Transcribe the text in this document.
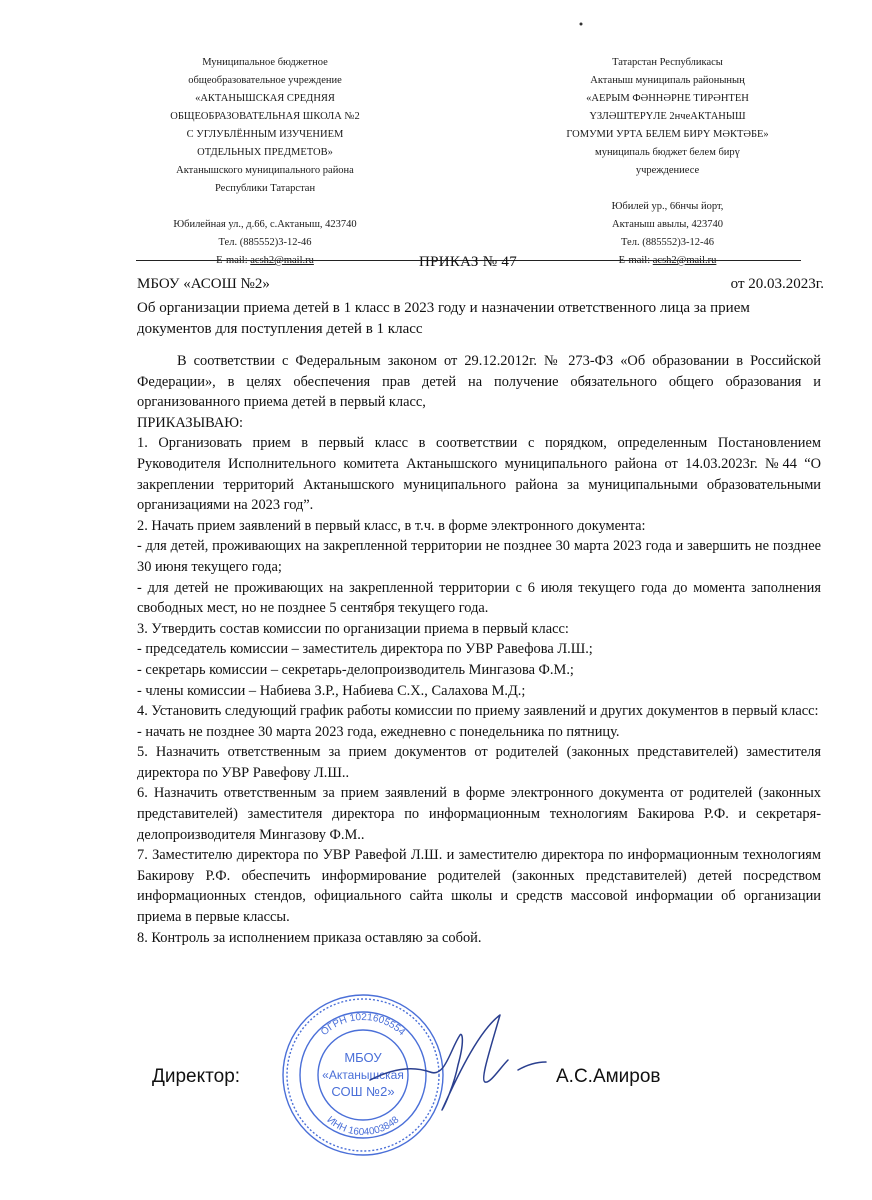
Муниципальное бюджетное
общеобразовательное учреждение
«АКТАНЫШСКАЯ СРЕДНЯЯ
ОБЩЕОБРАЗОВАТЕЛЬНАЯ ШКОЛА №2
С УГЛУБЛЁННЫМ ИЗУЧЕНИЕМ
ОТДЕЛЬНЫХ ПРЕДМЕТОВ»
Актанышского муниципального района
Республики Татарстан
Юбилейная ул., д.66, с.Актаныш, 423740
Тел. (885552)3-12-46
E-mail: acsh2@mail.ru
Татарстан Республикасы
Актаныш муниципаль районының
«АЕРЫМ ФӘННӘРНЕ ТИРӘНТЕН
ҮЗЛӘШТЕРҮЛЕ 2нчеАКТАНЫШ
ГОМУМИ УРТА БЕЛЕМ БИРҮ МӘКТӘБЕ»
муниципаль бюджет белем бирү
учреждениесе
Юбилей ур., 66нчы йорт,
Актаныш авылы, 423740
Тел. (885552)3-12-46
E-mail: acsh2@mail.ru
ПРИКАЗ № 47
МБОУ «АСОШ №2»	от 20.03.2023г.
Об организации приема детей в 1 класс в 2023 году и назначении ответственного лица за прием документов для поступления детей в 1 класс

В соответствии с Федеральным законом от 29.12.2012г. № 273-ФЗ «Об образовании в Российской Федерации», в целях обеспечения прав детей на получение обязательного общего образования и организованного приема детей в первый класс,

ПРИКАЗЫВАЮ:

1. Организовать прием в первый класс в соответствии с порядком, определенным Постановлением Руководителя Исполнительного комитета Актанышского муниципального района от 14.03.2023г. №44 “О закреплении территорий Актанышского муниципального района за муниципальными образовательными организациями на 2023 год”.

2. Начать прием заявлений в первый класс, в т.ч. в форме электронного документа:

- для детей, проживающих на закрепленной территории не позднее 30 марта 2023 года и завершить не позднее 30 июня текущего года;

- для детей не проживающих на закрепленной территории с 6 июля текущего года до момента заполнения свободных мест, но не позднее 5 сентября текущего года.

3. Утвердить состав комиссии по организации приема в первый класс:

- председатель комиссии – заместитель директора по УВР Равефова Л.Ш.;

- секретарь комиссии – секретарь-делопроизводитель Мингазова Ф.М.;

- члены комиссии – Набиева З.Р., Набиева С.Х., Салахова М.Д.;

4. Установить следующий график работы комиссии по приему заявлений и других документов в первый класс:

- начать не позднее 30 марта 2023 года, ежедневно с понедельника по пятницу.

5. Назначить ответственным за прием документов от родителей (законных представителей) заместителя директора по УВР Равефову Л.Ш..

6. Назначить ответственным за прием заявлений в форме электронного документа от родителей (законных представителей) заместителя директора по информационным технологиям Бакирова Р.Ф. и секретаря-делопроизводителя Мингазову Ф.М..

7. Заместителю директора по УВР Равефой Л.Ш. и заместителю директора по информационным технологиям Бакирову Р.Ф. обеспечить информирование родителей (законных представителей) детей посредством информационных стендов, официального сайта школы и средств массовой информации об организации приема в первые классы.

8. Контроль за исполнением приказа оставляю за собой.

ОГРН 1021605554
ИНН 1604003848
МБОУ
«Актанышская
СОШ №2»
Директор:	А.С.Амиров
